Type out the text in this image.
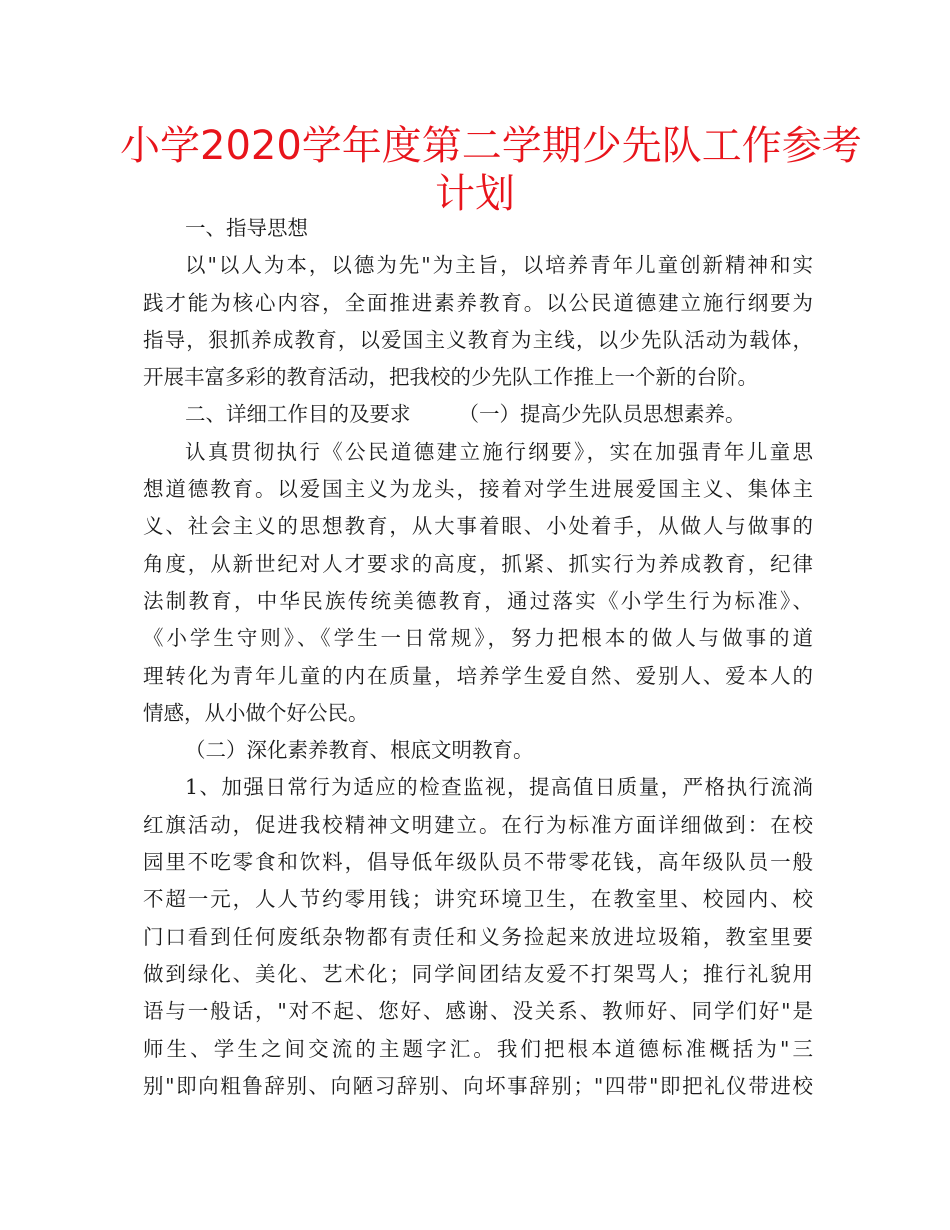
小学2020学年度第二学期少先队工作参考
计划
一、指导思想
以"以人为本，以德为先"为主旨，以培养青年儿童创新精神和实
践才能为核心内容，全面推进素养教育。以公民道德建立施行纲要为
指导，狠抓养成教育，以爱国主义教育为主线，以少先队活动为载体，
开展丰富多彩的教育活动，把我校的少先队工作推上一个新的台阶。
二、详细工作目的及要求 （一）提高少先队员思想素养。
认真贯彻执行《公民道德建立施行纲要》，实在加强青年儿童思
想道德教育。以爱国主义为龙头，接着对学生进展爱国主义、集体主
义、社会主义的思想教育，从大事着眼、小处着手，从做人与做事的
角度，从新世纪对人才要求的高度，抓紧、抓实行为养成教育，纪律
法制教育，中华民族传统美德教育，通过落实《小学生行为标准》、
《小学生守则》、《学生一日常规》，努力把根本的做人与做事的道
理转化为青年儿童的内在质量，培养学生爱自然、爱别人、爱本人的
情感，从小做个好公民。
（二）深化素养教育、根底文明教育。
1、加强日常行为适应的检查监视，提高值日质量，严格执行流淌
红旗活动，促进我校精神文明建立。在行为标准方面详细做到：在校
园里不吃零食和饮料，倡导低年级队员不带零花钱，高年级队员一般
不超一元，人人节约零用钱；讲究环境卫生，在教室里、校园内、校
门口看到任何废纸杂物都有责任和义务捡起来放进垃圾箱，教室里要
做到绿化、美化、艺术化；同学间团结友爱不打架骂人；推行礼貌用
语与一般话，"对不起、您好、感谢、没关系、教师好、同学们好"是
师生、学生之间交流的主题字汇。我们把根本道德标准概括为"三
别"即向粗鲁辞别、向陋习辞别、向坏事辞别；"四带"即把礼仪带进校
